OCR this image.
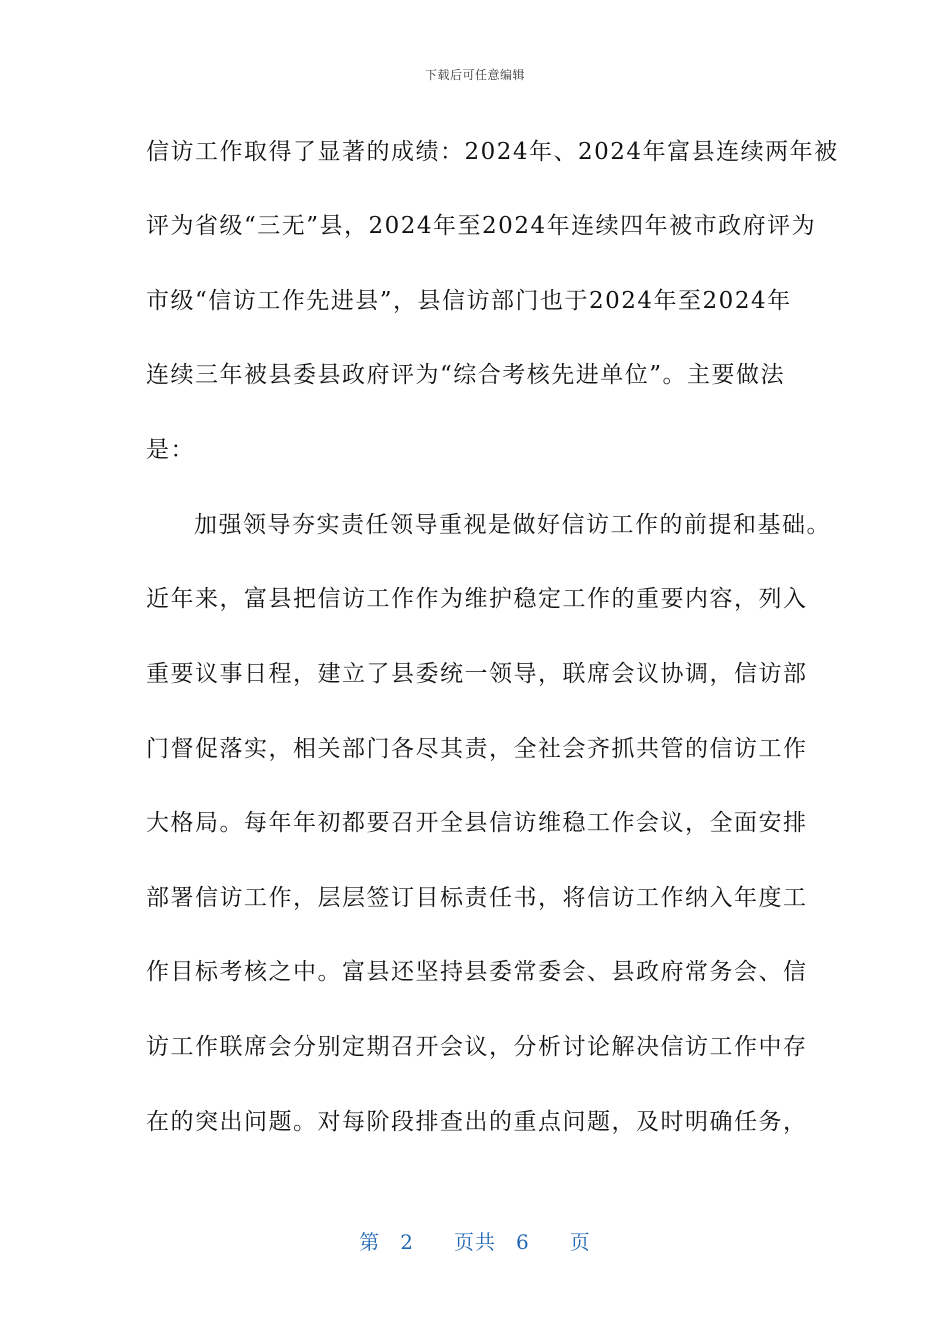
下载后可任意编辑
信访工作取得了显著的成绩：2024年、2024年富县连续两年被
评为省级“三无”县，2024年至2024年连续四年被市政府评为
市级“信访工作先进县”，县信访部门也于2024年至2024年
连续三年被县委县政府评为“综合考核先进单位”。主要做法
是：
加强领导夯实责任领导重视是做好信访工作的前提和基础。
近年来，富县把信访工作作为维护稳定工作的重要内容，列入
重要议事日程，建立了县委统一领导，联席会议协调，信访部
门督促落实，相关部门各尽其责，全社会齐抓共管的信访工作
大格局。每年年初都要召开全县信访维稳工作会议，全面安排
部署信访工作，层层签订目标责任书，将信访工作纳入年度工
作目标考核之中。富县还坚持县委常委会、县政府常务会、信
访工作联席会分别定期召开会议，分析讨论解决信访工作中存
在的突出问题。对每阶段排查出的重点问题，及时明确任务，
第 2 页共 6 页
